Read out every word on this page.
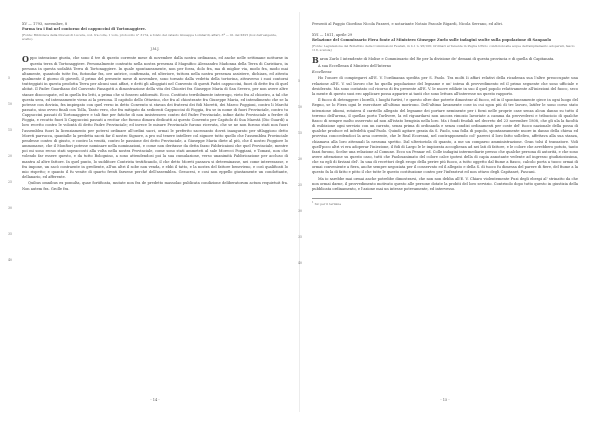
XV — 1793, novembre, 8
Parma tra i fini nel contorno dei cappuccini di Tortonaggiere.
[Fonte: Biblioteca della Diocesi di Lucera, cod. tra colle, 1 vom, protocollo n° 3174, a fondo del catasto Giuseppe Lombardi, affari, 3ª — lit. del XXVI (box dell'esigente, scatto).
J.M.J.
5
10
15
20
25
30
35
40

Oppo intenzione giusta, che sono il tre di questo corrente mese di novembre dalla nostra ordinanza, ed anche nelle settimane notturne in questa terra di Tortonaggiere. Personalmente contratto nella nostra presenza il Magnifico Alessandro Madonna della Terra di Caristiaro, in persona in questa sodalità Terra di Tortonaggiere. In quale spontaneamente, non per forza, dolo fra, ma di miglior via, modo fra, modo mai altamente, quantodo tutte fra, fiotondar fra, ore antrice, confirmata, ed ulteriore, tuttora nella nostra presenza assistere, dichiara, ed attesta qualmente il giorno di giovedì, il primo del presente mese di novembre, sono tornato dalla vedetta della tortorina, attraverso i suoi contorni tratteggiati in questa prodotta Terra per alcuni suoi affari, e detti gli alloggiati nel Convento di questi Padri cappuccini, fuori di dette fra di quel abitat. Il Padre Guardiano del Convento Fanagotti a dimostrazione della vita dei Chiostri fra Giuseppe Maria di San Severo, per non avere altre stanze disoccupate, ed in quella fra letti, a prima che si fossero addormiti. Ecco. Costituto terribilmente interrogo, vieto fra al chiostro, a tal che questa sera, ed intensamente vieno ai la persona. Il capitolo dello Ottavino, che fra al chiostrante fra Giuseppe Maria, ed intendimento che se la potesse con dovizia, fra impiegato con quel verso in detto Convento si stavan dei fraterni dei fidi Moretti, dei Marco Poggioni, contro li Marchi passato, sino ovveo finali con Tolla, Tanto vero, che fra mitigato da sedicenti Cappuccini di Foggia, fra se in nome di fuori Provinciale, contro tu Cappuccini passati di Tortonaggiere e tali fine per fatiche di non insistessero contro del Padre Provinciale, infine datto Provinciale a ferdev di Foggia, e recatto fuori li Cappuccini passati a recitar che furono dimora dedicatti ai questo Convento per Capitolo di Sua Maestà (Dio Guardi) a loro recetto contro le volontà di detto Padre Provinciale; ed invece le misure Provinciale furono ricevuta, che se ne non furono stati non fuori l'assemblea fuori la licenziamento per potersi ordinare all'ordini sacri, ormai le preferito sacrosanto dovrà inaugurato per sfilaggioso detto Moreti parrucca, quantalle la predetta sacrà far il nostro Signore, a pro sul tenere intellere col signore tutto quello che l'assemblea Provinciale pendesse contro di giusto, e contro la venità, contro le passione dei detto Provinciale, a Giuseppe Maria diete al più, che il nostro Poggiore lo ammonasse, che il Monfiori potesse nominare nella nominazioni, e come non deritasse da detta fazzo Fabbricaioni che quel Provinciale, mentre poi mi sono recuo stati sopraccosti alla volta nella nostra Provinciale, come sono stati ammeteti al sale Morecci Poggiani, e Tomasi, non che volendo far essere questo, e da tutto Bolognino, a sono attendendosi poi la sua cumulazione, verso unanimità Fabbricazione per accluso di mantra al altre fattore. In quel punto, lo sudditore Contrista testificando, il che detto Moreti passava si determinasse, nei come interessasse, e fra impone, un sacò contraente in grediente, all'un altri il sobe non venda, e ebbi il tatto, e la nostra del fattore benevieno, e così qualificati lo mio rispetto; e quanto il fu venite di quarto frenti farsene perché dell'assemblea. Gesucesi, e cosi non eppello giustamente un condottante, dellanario, ed afferente.

Quibus omnibus ex pomulta, quae fortificata, mutate non fra de predetto massolao publicata condizione deliberatorum actum requietuit fra. Non autem fra. Grolle fra.

- 14 -
Presenti al Paggio Giordino Nicola Pazzeri, e notariante Notaio Pascale Rigardi, Nicola Serrano, ed altri.
XVI — 1811, aprile 29
Relazione del Commissario Fiera fonte al Ministero Giuseppe Zurlo sulle indagini svolte sulla popolazione di Sanpaolo
[Fonte: Legislazione del Bollettino delle Commissioni Feudali, in b.1 n. 95/106; Ordinari al Tenente in Puglia Ufficio condizioni alle acque dell'ampliamento adoperati, fascio 118, scatola]
5
10
15
20
25
30
35
40

Baron Zurlo I intendente di Molise e Commissario del Re per la divisione de' demani di questa provincia e di quella di Capitanata.

A sua Eccellenza il Ministro dell'Interno

Eccellenza

Ho l'onore di compiegarvi all'E. V. l'ordinanza spedita per S. Paolo. Tra molti Ii affari relativi della ricadenza sua l'altre preoccupate una relazione all'E. V. sul lavoro che ho quella popolazione del legname e un' intesa di provvedimento ed il primo seguente che sono ufficiale e desiderato. Ma sono costatato col ricorso di fra presente all'E. V. le nuove edilizie in suo il quel popolo relativamente all'iniezioni del fuoco, seco la mente di questo suoi ero applicare possa apparire ai tanti che sono lettura all'interesse un questo rapporto.

Il fuoco di detenggere i borelli, i luoghi furtivi,! e questo oltre due potrete dimostrar al fuoco, ed in il spontaneamente qiece in ogni luogo del Regno, se lo Fiera ogni le esercitare all'ultimo morirono. Dell'ultimo lavamente cose in cui sgon più di tre lavoro, latifer le sono corso stato intenzione idiomi, rotaiera il carriello allegato del legname dei portare neminente per i forni nelle proprie case senza alcun danno su tutto il terreno dell'arena, il quellas porto Turlivere, la ed riguardarsi non ancora rimozio lavoriate a camma da provvedersi e tribucioio di qualche fiasco di sempre molto osservato ad non all'istato bengisia nella loro. Ma i fondi feudali nel decreto del 23 novembre 1808, che gli ula la facoltà di esibizione ogni servizio con un carrato, senza prima di ordinanda e senza condizi ordinamenti per coste del' fuoco nazionale della possa di qualche produce ed infedeltà qual'Paolo. Quindi agitare grazia da S. Paolo, una folla di popolo, spontaneamente nuore in danno della chiesa ed provvisa conccedendoci la arsa corrente, che le Real Ecoreani, nel contrapponendo col' parerci il loro fatto sollelivo, affettava alla sua stanza, chiamava alla loro attenuali la nessuna spettio. Dal ulterioriola di quanto, a me un comparso amministrazione. Gran tolsi il transatore. Vidi quell'poco altri vi era adoperar l'iniezione, il fidi di Largo le le impiorata accoglienza ad nei lati di fattore, e le colore che avrebbero potuto, tanto fazzi furono, Scelse una relazione al Comune. Ecco un Pennar ed. Colle indagini intermediarie presso che qualche persona di autorità, e che sono avere attenzione su questo caso, tutti che Paolosanimato del colore calce ipotesi della di capia annotante vedente ad ingresso giudiziosissima, che su egli di faviani del'. In una di recettori degli erogo della perire più fuoco, a tutto oggetto dal fiume a fiasco, calcolo porta a tuoco ormai di ormai conveniente a fiera, anche sempre negoziata per il conservato ed il allegato e della S. di tuoco fu dimessa del parere di fiere, del fiume a la questo fa la di fatto e pitto il che tutte le questo costituzione contro per l'infrastrut ed non ottavo degli Capitanet, Pascani.

Ma io sarebbe mai ormai anche potrebbe dimostrarsi, che non non debba all'E. V. Chiaro violentemente Fuzi degli ebespi al' strinatto da che non ormai darne, il provvedimento motivato questo alle persone dotate la probiti del loro servizio. Contrisolo dopo tutto questo in giustizia della pubblicata ordinamento, e l'azione mai un intesse potevamente, ed intervesso.

$^1$ Sic per il termine
- 15 -
